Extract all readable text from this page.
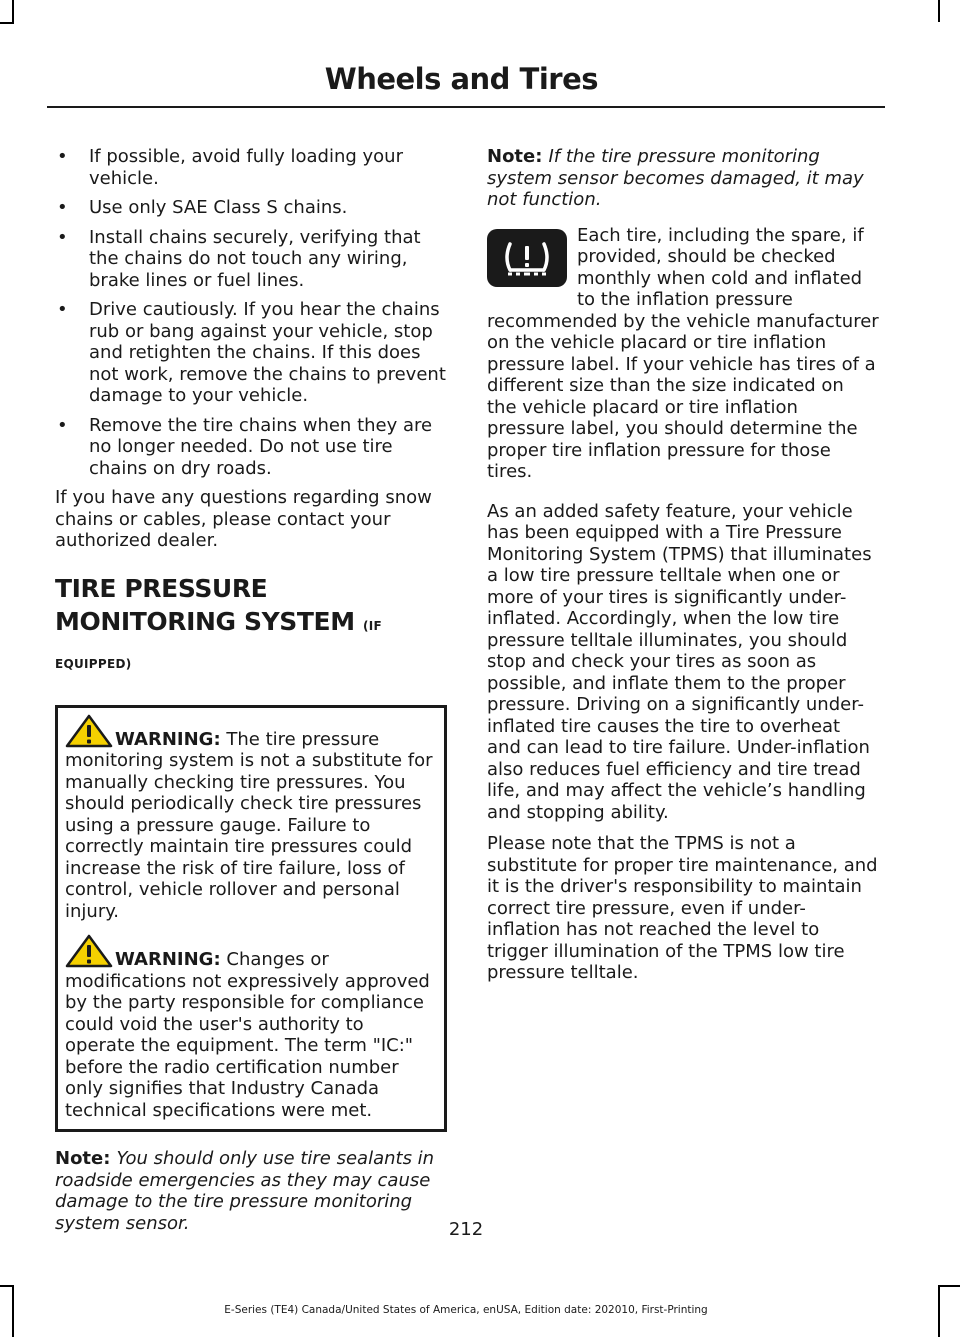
Wheels and Tires
• If possible, avoid fully loading your vehicle.
• Use only SAE Class S chains.
• Install chains securely, verifying that the chains do not touch any wiring, brake lines or fuel lines.
• Drive cautiously. If you hear the chains rub or bang against your vehicle, stop and retighten the chains. If this does not work, remove the chains to prevent damage to your vehicle.
• Remove the tire chains when they are no longer needed. Do not use tire chains on dry roads.

If you have any questions regarding snow chains or cables, please contact your authorized dealer.

TIRE PRESSURE MONITORING SYSTEM (IF EQUIPPED)
WARNING: The tire pressure monitoring system is not a substitute for manually checking tire pressures. You should periodically check tire pressures using a pressure gauge. Failure to correctly maintain tire pressures could increase the risk of tire failure, loss of control, vehicle rollover and personal injury.
WARNING: Changes or modifications not expressively approved by the party responsible for compliance could void the user's authority to operate the equipment. The term "IC:" before the radio certification number only signifies that Industry Canada technical specifications were met.

Note: You should only use tire sealants in roadside emergencies as they may cause damage to the tire pressure monitoring system sensor.

Note: If the tire pressure monitoring system sensor becomes damaged, it may not function.

Each tire, including the spare, if provided, should be checked monthly when cold and inflated to the inflation pressure recommended by the vehicle manufacturer on the vehicle placard or tire inflation pressure label. If your vehicle has tires of a different size than the size indicated on the vehicle placard or tire inflation pressure label, you should determine the proper tire inflation pressure for those tires.

As an added safety feature, your vehicle has been equipped with a Tire Pressure Monitoring System (TPMS) that illuminates a low tire pressure telltale when one or more of your tires is significantly under-inflated. Accordingly, when the low tire pressure telltale illuminates, you should stop and check your tires as soon as possible, and inflate them to the proper pressure. Driving on a significantly under-inflated tire causes the tire to overheat and can lead to tire failure. Under-inflation also reduces fuel efficiency and tire tread life, and may affect the vehicle’s handling and stopping ability.

Please note that the TPMS is not a substitute for proper tire maintenance, and it is the driver's responsibility to maintain correct tire pressure, even if under-inflation has not reached the level to trigger illumination of the TPMS low tire pressure telltale.

212
E-Series (TE4) Canada/United States of America, enUSA, Edition date: 202010, First-Printing
